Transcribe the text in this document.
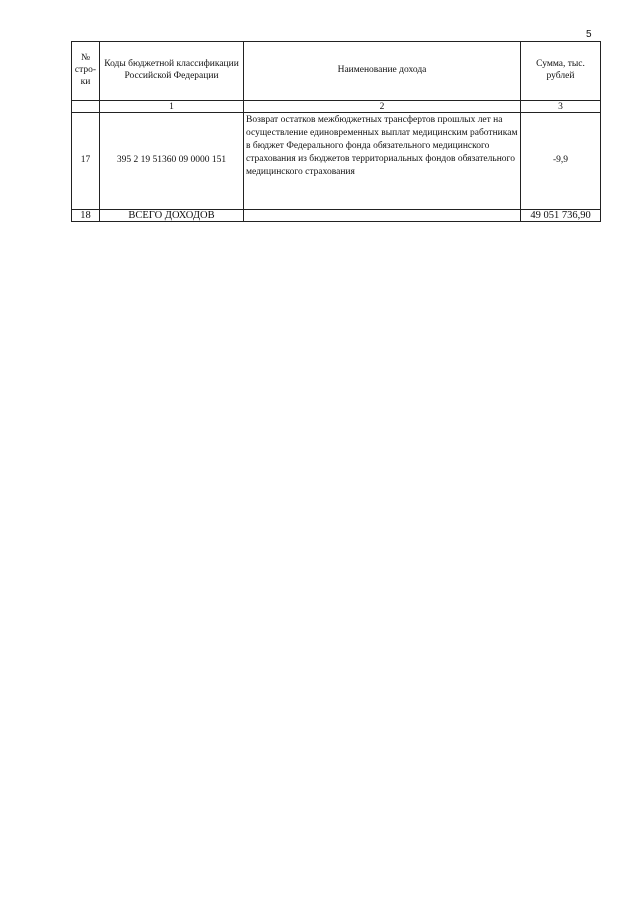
5
№ стро-ки	Коды бюджетной классификации Российской Федерации	Наименование дохода	Сумма, тыс. рублей
	1	2	3
17	395 2 19 51360 09 0000 151	Возврат остатков межбюджетных трансфертов прошлых лет на осуществление единовременных выплат медицинским работникам в бюджет Федерального фонда обязательного медицинского страхования из бюджетов территориальных фондов обязательного медицинского страхования	-9,9
18	ВСЕГО ДОХОДОВ		49 051 736,90
